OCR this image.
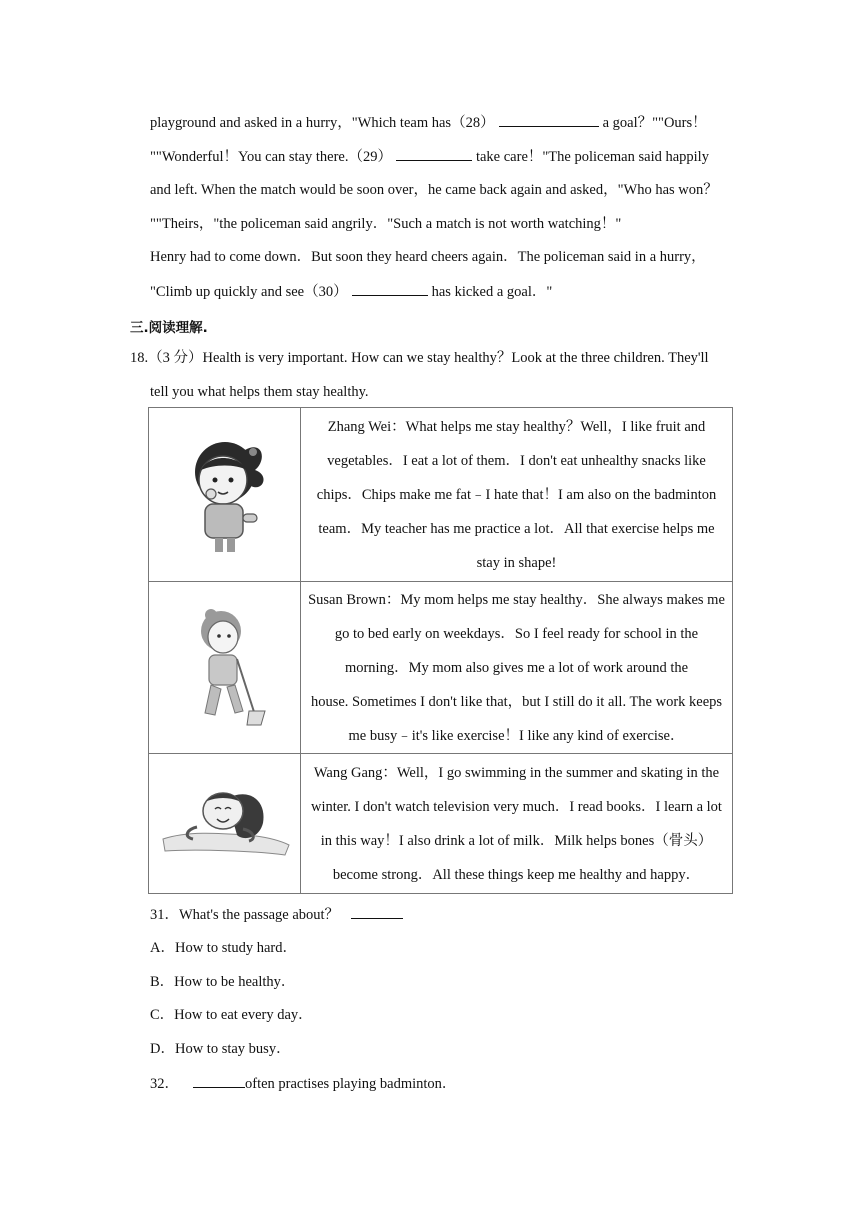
playground and asked in a hurry，"Which team has（28）	a goal？""Ours！
""Wonderful！You can stay there.（29）	take care！"The policeman said happily
and left. When the match would be soon over，he came back again and asked，"Who has won？
""Theirs，"the policeman said angrily．"Such a match is not worth watching！"
Henry had to come down．But soon they heard cheers again．The policeman said in a hurry，
"Climb up quickly and see（30）	has kicked a goal．"
三.阅读理解.
18.（3 分）Health is very important. How can we stay healthy？Look at the three children. They'll
tell you what helps them stay healthy.

Zhang Wei：What helps me stay healthy？Well，I like fruit and
vegetables．I eat a lot of them．I don't eat unhealthy snacks like
chips．Chips make me fat﹣I hate that！I am also on the badminton
team．My teacher has me practice a lot．All that exercise helps me
stay in shape!

Susan Brown：My mom helps me stay healthy．She always makes me
go to bed early on weekdays．So I feel ready for school in the
morning．My mom also gives me a lot of work around the
house. Sometimes I don't like that，but I still do it all. The work keeps
me busy﹣it's like exercise！I like any kind of exercise．

Wang Gang：Well，I go swimming in the summer and skating in the
winter. I don't watch television very much．I read books．I learn a lot
in this way！I also drink a lot of milk．Milk helps bones（骨头）
become strong．All these things keep me healthy and happy．
31．What's the passage about？
A．How to study hard．
B．How to be healthy．
C．How to eat every day．
D．How to stay busy．
32．	often practises playing badminton．
